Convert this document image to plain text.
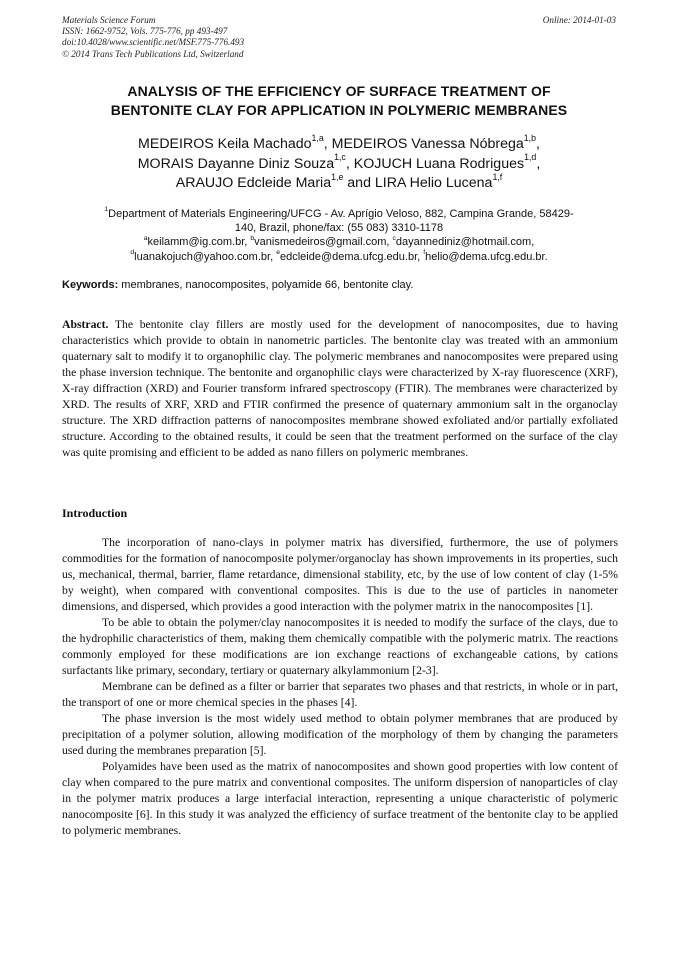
Materials Science Forum
ISSN: 1662-9752, Vols. 775-776, pp 493-497
doi:10.4028/www.scientific.net/MSF.775-776.493
© 2014 Trans Tech Publications Ltd, Switzerland
Online: 2014-01-03
ANALYSIS OF THE EFFICIENCY OF SURFACE TREATMENT OF
BENTONITE CLAY FOR APPLICATION IN POLYMERIC MEMBRANES
MEDEIROS Keila Machado$^{1,a}$, MEDEIROS Vanessa Nóbrega$^{1,b}$,
MORAIS Dayanne Diniz Souza$^{1,c}$, KOJUCH Luana Rodrigues$^{1,d}$,
ARAUJO Edcleide Maria$^{1,e}$ and LIRA Helio Lucena$^{1,f}$
$^1$Department of Materials Engineering/UFCG - Av. Aprígio Veloso, 882, Campina Grande, 58429-
140, Brazil, phone/fax: (55 083) 3310-1178
$^a$keilamm@ig.com.br, $^b$vanismedeiros@gmail.com, $^c$dayannediniz@hotmail.com,
$^d$luanakojuch@yahoo.com.br, $^e$edcleide@dema.ufcg.edu.br, $^f$helio@dema.ufcg.edu.br.
Keywords: membranes, nanocomposites, polyamide 66, bentonite clay.
Abstract. The bentonite clay fillers are mostly used for the development of nanocomposites, due to having characteristics which provide to obtain in nanometric particles. The bentonite clay was treated with an ammonium quaternary salt to modify it to organophilic clay. The polymeric membranes and nanocomposites were prepared using the phase inversion technique. The bentonite and organophilic clays were characterized by X-ray fluorescence (XRF), X-ray diffraction (XRD) and Fourier transform infrared spectroscopy (FTIR). The membranes were characterized by XRD. The results of XRF, XRD and FTIR confirmed the presence of quaternary ammonium salt in the organoclay structure. The XRD diffraction patterns of nanocomposites membrane showed exfoliated and/or partially exfoliated structure. According to the obtained results, it could be seen that the treatment performed on the surface of the clay was quite promising and efficient to be added as nano fillers on polymeric membranes.
Introduction

The incorporation of nano-clays in polymer matrix has diversified, furthermore, the use of polymers commodities for the formation of nanocomposite polymer/organoclay has shown improvements in its properties, such us, mechanical, thermal, barrier, flame retardance, dimensional stability, etc, by the use of low content of clay (1-5% by weight), when compared with conventional composites. This is due to the use of particles in nanometer dimensions, and dispersed, which provides a good interaction with the polymer matrix in the nanocomposites [1].

To be able to obtain the polymer/clay nanocomposites it is needed to modify the surface of the clays, due to the hydrophilic characteristics of them, making them chemically compatible with the polymeric matrix. The reactions commonly employed for these modifications are ion exchange reactions of exchangeable cations, by cations surfactants like primary, secondary, tertiary or quaternary alkylammonium [2-3].

Membrane can be defined as a filter or barrier that separates two phases and that restricts, in whole or in part, the transport of one or more chemical species in the phases [4].

The phase inversion is the most widely used method to obtain polymer membranes that are produced by precipitation of a polymer solution, allowing modification of the morphology of them by changing the parameters used during the membranes preparation [5].

Polyamides have been used as the matrix of nanocomposites and shown good properties with low content of clay when compared to the pure matrix and conventional composites. The uniform dispersion of nanoparticles of clay in the polymer matrix produces a large interfacial interaction, representing a unique characteristic of polymeric nanocomposite [6]. In this study it was analyzed the efficiency of surface treatment of the bentonite clay to be applied to polymeric membranes.
